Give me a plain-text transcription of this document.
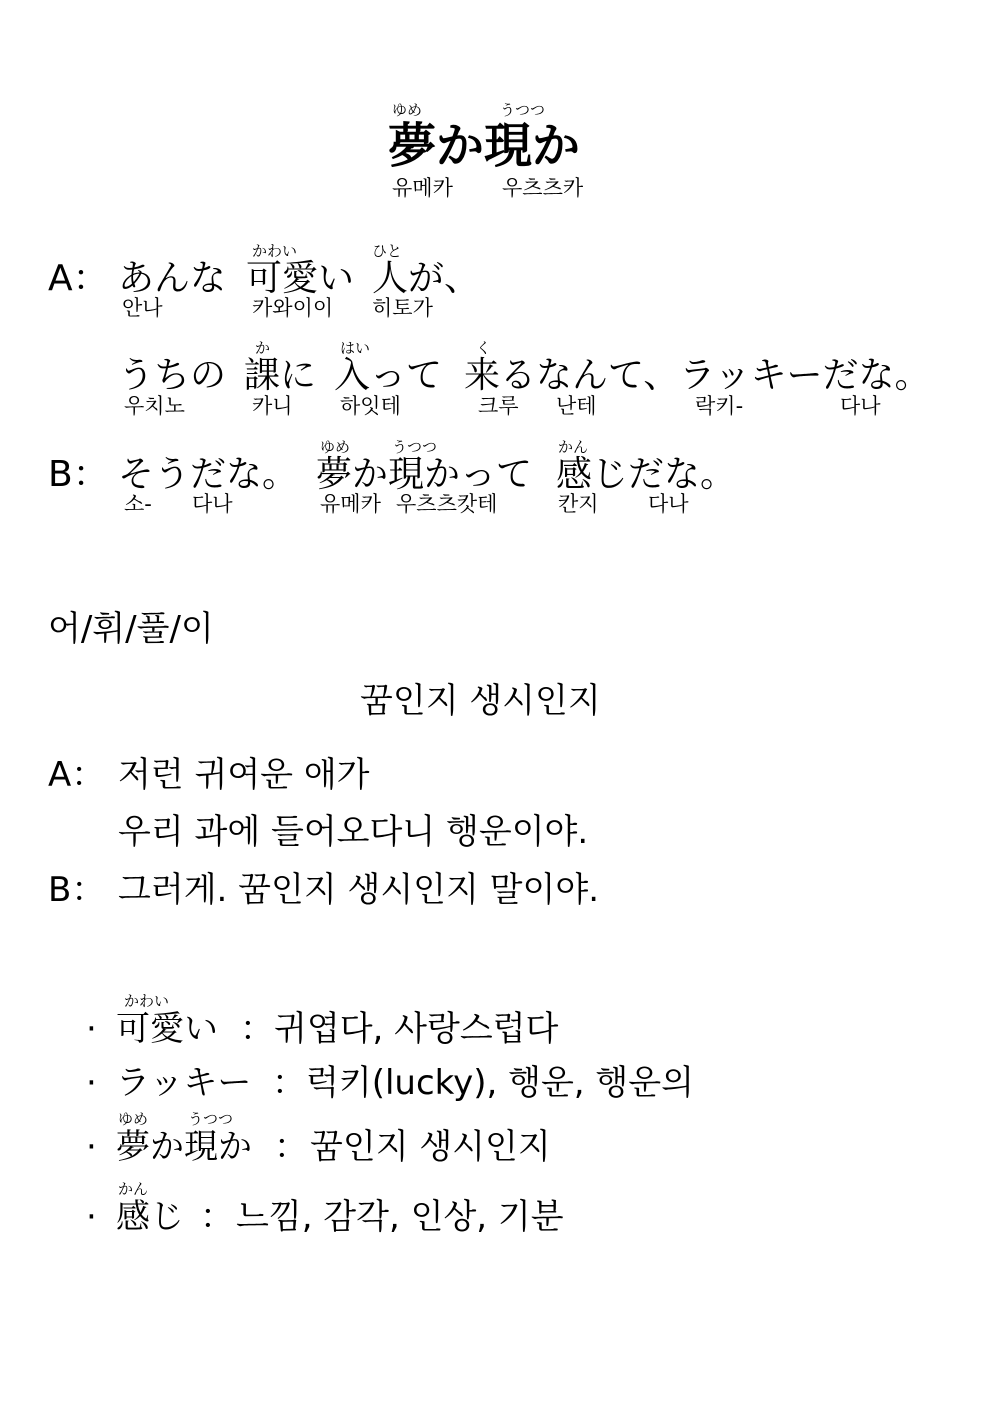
ゆめ	うつつ
夢か現か
유메카 우츠츠카
A： あんな
かわい
可愛い
ひと
人が、
안나	카와이이 히토가
うちの
か
課に
はい
入って
く
来るなんて、ラッキーだな。
우치노	카니 하잇테	크루 난테	락키-	다나
B： そうだな。
ゆめ	うつつ
夢か現かって
かん
感じだな。
소- 다나	유메카 우츠츠캇테	칸지 다나
어/휘/풀/이
꿈인지 생시인지
A： 저런 귀여운 애가
우리 과에 들어오다니 행운이야.
B： 그러게. 꿈인지 생시인지 말이야.
·
かわい
可愛い ： 귀엽다, 사랑스럽다
· ラッキー ： 럭키(lucky), 행운, 행운의
·
ゆめ	うつつ
夢か現か ： 꿈인지 생시인지
·
かん
感じ ： 느낌, 감각, 인상, 기분
